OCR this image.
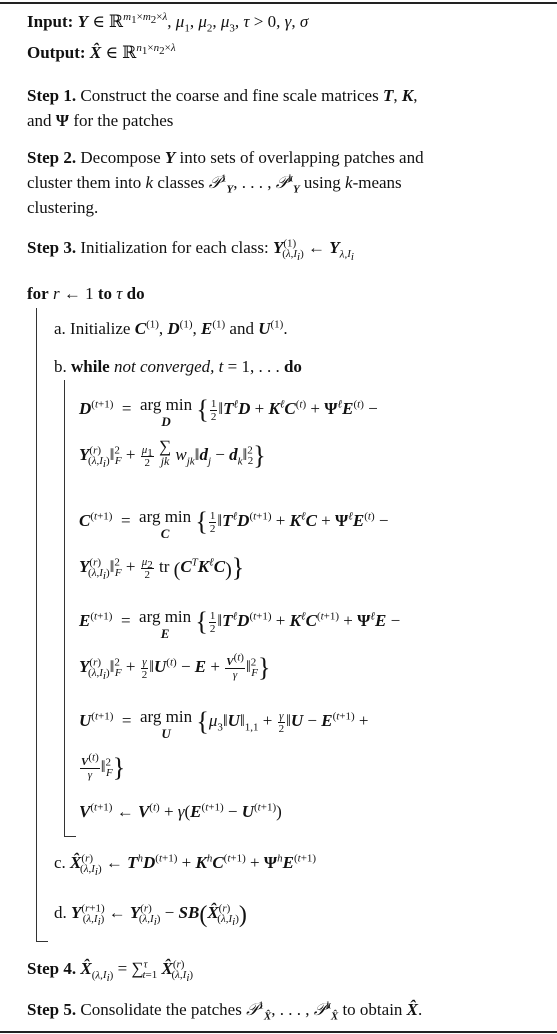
Input: Y ∈ ℝ$^{m_1\times m_2\times\lambda}$, $\mu_1$, $\mu_2$, $\mu_3$, τ > 0, γ, σ
Output: X̂ ∈ ℝ$^{n_1\times n_2\times\lambda}$
Step 1. Construct the coarse and fine scale matrices T, K,
and Ψ for the patches
Step 2. Decompose Y into sets of overlapping patches and
cluster them into k classes 𝒫$^1_Y$, . . . , 𝒫$^k_Y$ using k-means
clustering.
Step 3. Initialization for each class: $Y^{(1)}_{(\lambda,I_i)}$ ← $Y_{\lambda,I_i}$
for r ← 1 to τ do
a. Initialize $C^{(1)}$, $D^{(1)}$, $E^{(1)}$ and $U^{(1)}$.
b. while not converged, t = 1, . . . do
$D^{(t+1)}$  =  arg min
D { $\frac{1}{2}$ $‖T^\ell D + K^\ell C^{(t)} + \Psi^\ell E^{(t)}$ −
$Y^{(r)}_{(\lambda,I_i)}‖^2_F + \frac{\mu_1}{2}$
∑
jk $w_{jk}‖d_j$ − $d_k‖^2_2$}
$C^{(t+1)}$  =  arg min
C { $\frac{1}{2}$ $‖T^\ell D^{(t+1)} + K^\ell C + \Psi^\ell E^{(t)}$ −
$Y^{(r)}_{(\lambda,I_i)}‖^2_F + \frac{\mu_2}{2}$ tr $(C^TK^\ell C)$}
$E^{(t+1)}$  =  arg min
E { $\frac{1}{2}$ $‖T^\ell D^{(t+1)} + K^\ell C^{(t+1)} + \Psi^\ell E$ −
$Y^{(r)}_{(\lambda,I_i)}‖^2_F + \frac{\gamma}{2}$ $‖U^{(t)} - E + \frac{V^{(t)}}{\gamma}$ ‖$^2_F$}
$U^{(t+1)}$  =  arg min
U {$\mu_3‖U‖_{1,1} + \frac{\gamma}{2}$ ‖U − $E^{(t+1)}$ +
$\frac{V^{(t)}}{\gamma}$ ‖$^2_F$}
$V^{(t+1)}$ ← $V^{(t)} + \gamma(E^{(t+1)} - U^{(t+1)})$
c. X̂$^{(r)}_{(\lambda,I_i)}$ ← $T^hD^{(t+1)} + K^hC^{(t+1)} + \Psi^hE^{(t+1)}$
d. $Y^{(r+1)}_{(\lambda,I_i)}$ ← $Y^{(r)}_{(\lambda,I_i)}$ − SB(X̂$^{(r)}_{(\lambda,I_i)}$)
Step 4. $X̂_{(\lambda,I_i)} = \sum^\tau_{t=1}$ X̂$^{(r)}_{(\lambda,I_i)}$
Step 5. Consolidate the patches 𝒫$^1_{X̂}$, . . . , 𝒫$^k_{X̂}$ to obtain X̂.
